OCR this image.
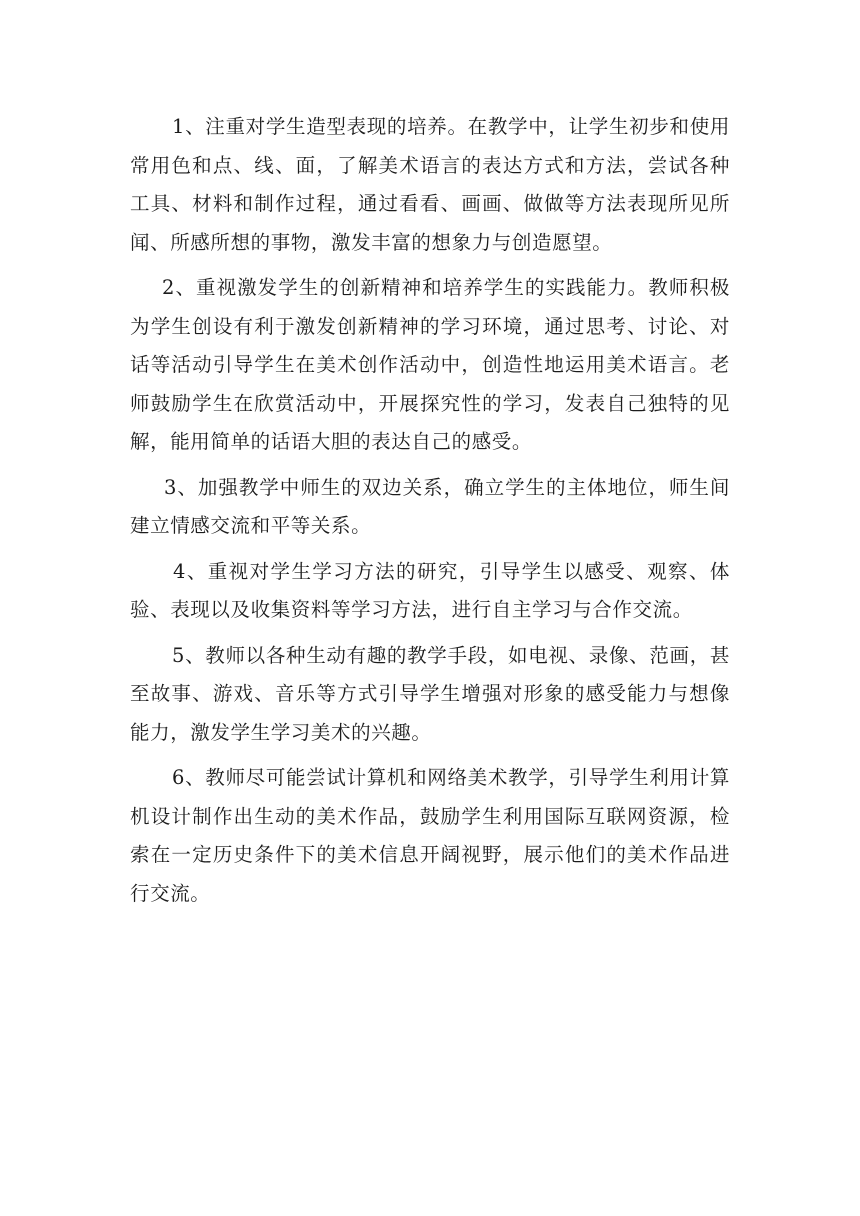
1、注重对学生造型表现的培养。在教学中，让学生初步和使用常用色和点、线、面，了解美术语言的表达方式和方法，尝试各种工具、材料和制作过程，通过看看、画画、做做等方法表现所见所闻、所感所想的事物，激发丰富的想象力与创造愿望。

2、重视激发学生的创新精神和培养学生的实践能力。教师积极为学生创设有利于激发创新精神的学习环境，通过思考、讨论、对话等活动引导学生在美术创作活动中，创造性地运用美术语言。老师鼓励学生在欣赏活动中，开展探究性的学习，发表自己独特的见解，能用简单的话语大胆的表达自己的感受。

3、加强教学中师生的双边关系，确立学生的主体地位，师生间建立情感交流和平等关系。

4、重视对学生学习方法的研究，引导学生以感受、观察、体验、表现以及收集资料等学习方法，进行自主学习与合作交流。

5、教师以各种生动有趣的教学手段，如电视、录像、范画，甚至故事、游戏、音乐等方式引导学生增强对形象的感受能力与想像能力，激发学生学习美术的兴趣。

6、教师尽可能尝试计算机和网络美术教学，引导学生利用计算机设计制作出生动的美术作品，鼓励学生利用国际互联网资源，检索在一定历史条件下的美术信息开阔视野，展示他们的美术作品进行交流。
